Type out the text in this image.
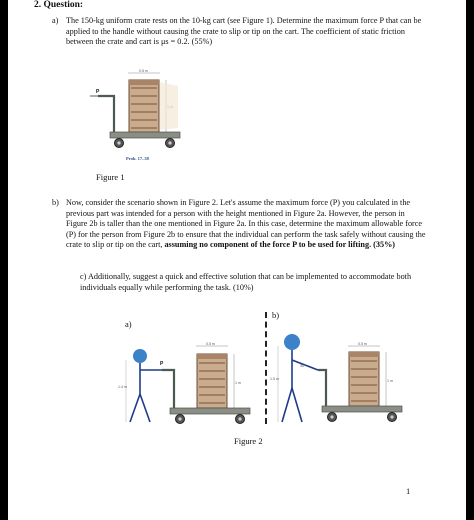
2. Question:
a) The 150-kg uniform crate rests on the 10-kg cart (see Figure 1). Determine the maximum force P that can be applied to the handle without causing the crate to slip or tip on the cart. The coefficient of static friction between the crate and cart is μs = 0.2. (55%)
0.5 m
P
Prob. 17–38
Figure 1
b) Now, consider the scenario shown in Figure 2. Let's assume the maximum force (P) you calculated in the previous part was intended for a person with the height mentioned in Figure 2a. However, the person in Figure 2b is taller than the one mentioned in Figure 2a. In this case, determine the maximum allowable force (P) for the person from Figure 2b to ensure that the individual can perform the task safely without causing the crate to slip or tip on the cart, assuming no component of the force P to be used for lifting. (35%)
c) Additionally, suggest a quick and effective solution that can be implemented to accommodate both individuals equally while performing the task. (10%)
a)
b)
1.4 m
P
0.5 m
1 m
1.5 m
30°
0.5 m
1 m
Figure 2
1
